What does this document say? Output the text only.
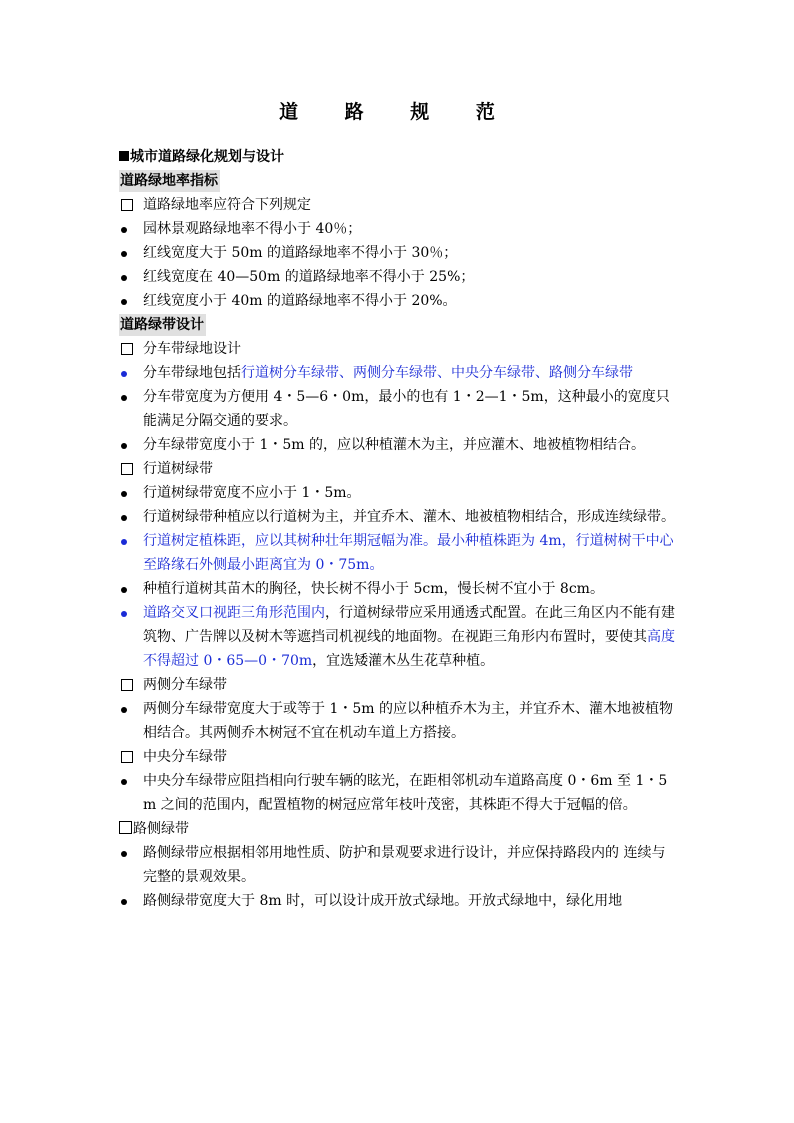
道 路 规 范
城市道路绿化规划与设计
道路绿地率指标
道路绿地率应符合下列规定
园林景观路绿地率不得小于 40％；
红线宽度大于 50m 的道路绿地率不得小于 30％；
红线宽度在 40—50m 的道路绿地率不得小于 25%；
红线宽度小于 40m 的道路绿地率不得小于 20%。
道路绿带设计
分车带绿地设计
分车带绿地包括行道树分车绿带、两侧分车绿带、中央分车绿带、路侧分车绿带
分车带宽度为方便用 4・5—6・0m，最小的也有 1・2—1・5m，这种最小的宽度只能满足分隔交通的要求。
分车绿带宽度小于 1・5m 的，应以种植灌木为主，并应灌木、地被植物相结合。
行道树绿带
行道树绿带宽度不应小于 1・5m。
行道树绿带种植应以行道树为主，并宜乔木、灌木、地被植物相结合，形成连续绿带。
行道树定植株距，应以其树种壮年期冠幅为准。最小种植株距为 4m，行道树树干中心至路缘石外侧最小距离宜为 0・75m。
种植行道树其苗木的胸径，快长树不得小于 5cm，慢长树不宜小于 8cm。
道路交叉口视距三角形范围内，行道树绿带应采用通透式配置。在此三角区内不能有建筑物、广告牌以及树木等遮挡司机视线的地面物。在视距三角形内布置时，要使其高度不得超过 0・65—0・70m，宜选矮灌木丛生花草种植。
两侧分车绿带
两侧分车绿带宽度大于或等于 1・5m 的应以种植乔木为主，并宜乔木、灌木地被植物相结合。其两侧乔木树冠不宜在机动车道上方搭接。
中央分车绿带
中央分车绿带应阻挡相向行驶车辆的眩光，在距相邻机动车道路高度 0・6m 至 1・5m 之间的范围内，配置植物的树冠应常年枝叶茂密，其株距不得大于冠幅的倍。
路侧绿带
路侧绿带应根据相邻用地性质、防护和景观要求进行设计，并应保持路段内的 连续与完整的景观效果。
路侧绿带宽度大于 8m 时，可以设计成开放式绿地。开放式绿地中，绿化用地
